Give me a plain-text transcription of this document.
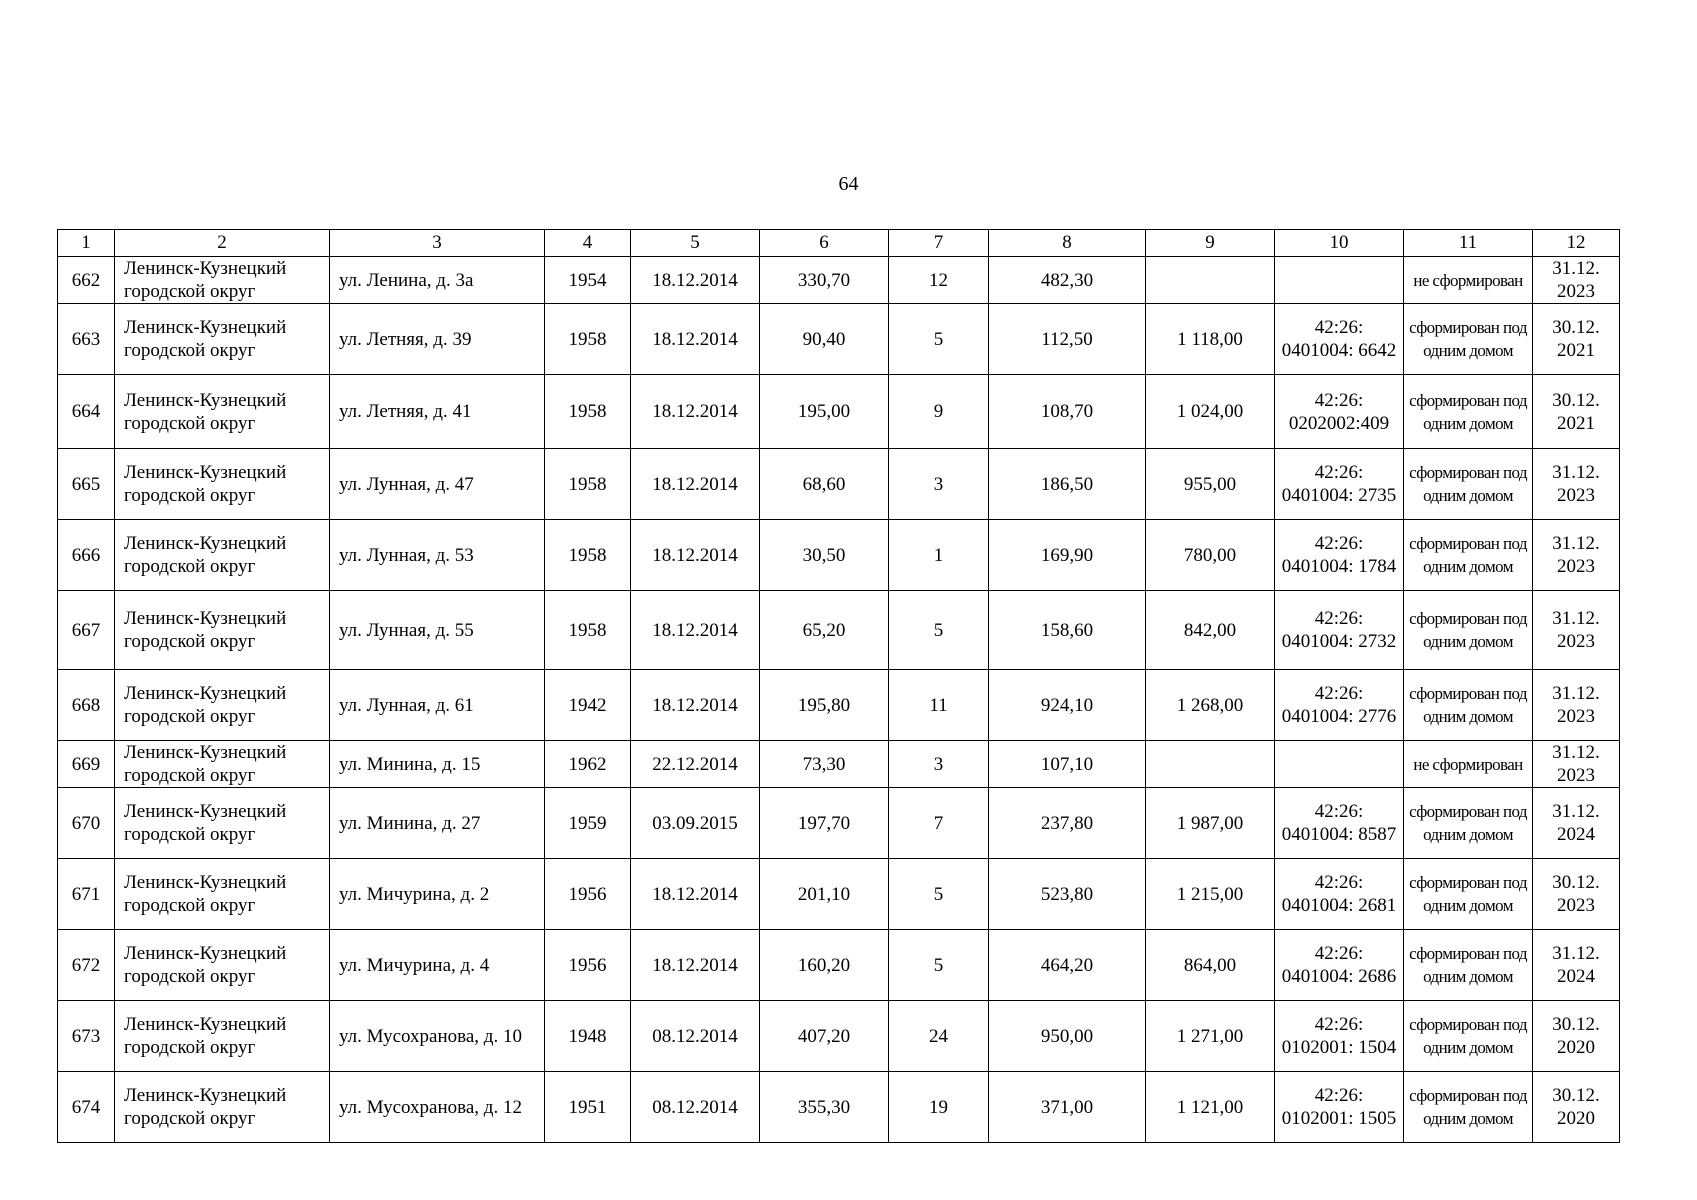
64
1	2	3	4	5	6	7	8	9	10	11	12
662	Ленинск-Кузнецкий городской округ	ул. Ленина, д. 3а	1954	18.12.2014	330,70	12	482,30			не сформирован	31.12. 2023
663	Ленинск-Кузнецкий городской округ	ул. Летняя, д. 39	1958	18.12.2014	90,40	5	112,50	1 118,00	42:26: 0401004: 6642	сформирован под одним домом	30.12. 2021
664	Ленинск-Кузнецкий городской округ	ул. Летняя, д. 41	1958	18.12.2014	195,00	9	108,70	1 024,00	42:26: 0202002:409	сформирован под одним домом	30.12. 2021
665	Ленинск-Кузнецкий городской округ	ул. Лунная, д. 47	1958	18.12.2014	68,60	3	186,50	955,00	42:26: 0401004: 2735	сформирован под одним домом	31.12. 2023
666	Ленинск-Кузнецкий городской округ	ул. Лунная, д. 53	1958	18.12.2014	30,50	1	169,90	780,00	42:26: 0401004: 1784	сформирован под одним домом	31.12. 2023
667	Ленинск-Кузнецкий городской округ	ул. Лунная, д. 55	1958	18.12.2014	65,20	5	158,60	842,00	42:26: 0401004: 2732	сформирован под одним домом	31.12. 2023
668	Ленинск-Кузнецкий городской округ	ул. Лунная, д. 61	1942	18.12.2014	195,80	11	924,10	1 268,00	42:26: 0401004: 2776	сформирован под одним домом	31.12. 2023
669	Ленинск-Кузнецкий городской округ	ул. Минина, д. 15	1962	22.12.2014	73,30	3	107,10			не сформирован	31.12. 2023
670	Ленинск-Кузнецкий городской округ	ул. Минина, д. 27	1959	03.09.2015	197,70	7	237,80	1 987,00	42:26: 0401004: 8587	сформирован под одним домом	31.12. 2024
671	Ленинск-Кузнецкий городской округ	ул. Мичурина, д. 2	1956	18.12.2014	201,10	5	523,80	1 215,00	42:26: 0401004: 2681	сформирован под одним домом	30.12. 2023
672	Ленинск-Кузнецкий городской округ	ул. Мичурина, д. 4	1956	18.12.2014	160,20	5	464,20	864,00	42:26: 0401004: 2686	сформирован под одним домом	31.12. 2024
673	Ленинск-Кузнецкий городской округ	ул. Мусохранова, д. 10	1948	08.12.2014	407,20	24	950,00	1 271,00	42:26: 0102001: 1504	сформирован под одним домом	30.12. 2020
674	Ленинск-Кузнецкий городской округ	ул. Мусохранова, д. 12	1951	08.12.2014	355,30	19	371,00	1 121,00	42:26: 0102001: 1505	сформирован под одним домом	30.12. 2020
